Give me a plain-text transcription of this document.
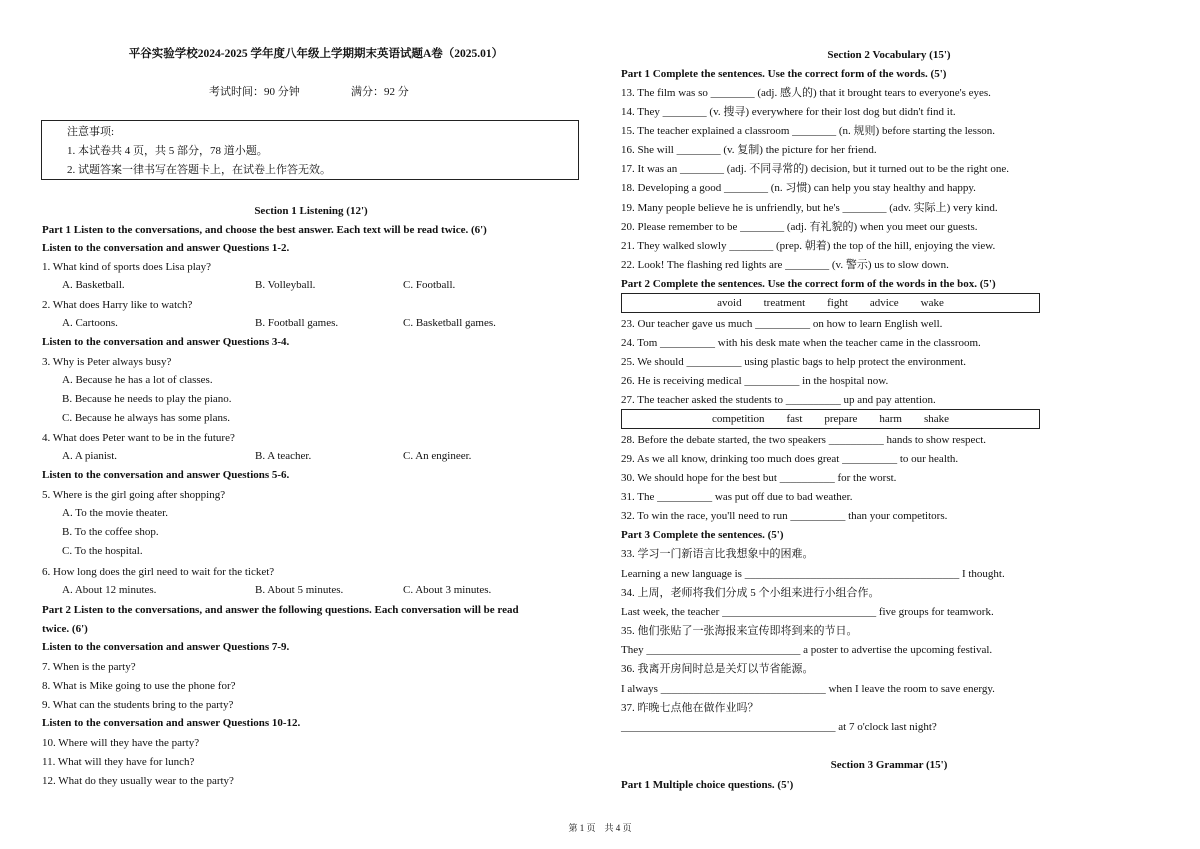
平谷实验学校2024-2025 学年度八年级上学期期末英语试题A卷（2025.01）
考试时间：90 分钟	满分：92 分
注意事项:
1. 本试卷共 4 页，共 5 部分，78 道小题。
2. 试题答案一律书写在答题卡上，在试卷上作答无效。
Section 1 Listening (12')
Part 1 Listen to the conversations, and choose the best answer. Each text will be read twice. (6')
Listen to the conversation and answer Questions 1-2.
1. What kind of sports does Lisa play?
A. Basketball.	B. Volleyball.	C. Football.
2. What does Harry like to watch?
A. Cartoons.	B. Football games.	C. Basketball games.
Listen to the conversation and answer Questions 3-4.
3. Why is Peter always busy?
A. Because he has a lot of classes.
B. Because he needs to play the piano.
C. Because he always has some plans.
4. What does Peter want to be in the future?
A. A pianist.	B. A teacher.	C. An engineer.
Listen to the conversation and answer Questions 5-6.
5. Where is the girl going after shopping?
A. To the movie theater.
B. To the coffee shop.
C. To the hospital.
6. How long does the girl need to wait for the ticket?
A. About 12 minutes.	B. About 5 minutes.	C. About 3 minutes.
Part 2 Listen to the conversations, and answer the following questions. Each conversation will be read
twice. (6')
Listen to the conversation and answer Questions 7-9.
7. When is the party?
8. What is Mike going to use the phone for?
9. What can the students bring to the party?
Listen to the conversation and answer Questions 10-12.
10. Where will they have the party?
11. What will they have for lunch?
12. What do they usually wear to the party?
Section 2 Vocabulary (15')
Part 1 Complete the sentences. Use the correct form of the words. (5')
13. The film was so ________ (adj. 感人的) that it brought tears to everyone's eyes.
14. They ________ (v. 搜寻) everywhere for their lost dog but didn't find it.
15. The teacher explained a classroom ________ (n. 规则) before starting the lesson.
16. She will ________ (v. 复制) the picture for her friend.
17. It was an ________ (adj. 不同寻常的) decision, but it turned out to be the right one.
18. Developing a good ________ (n. 习惯) can help you stay healthy and happy.
19. Many people believe he is unfriendly, but he's ________ (adv. 实际上) very kind.
20. Please remember to be ________ (adj. 有礼貌的) when you meet our guests.
21. They walked slowly ________ (prep. 朝着) the top of the hill, enjoying the view.
22. Look! The flashing red lights are ________ (v. 警示) us to slow down.
Part 2 Complete the sentences. Use the correct form of the words in the box. (5')
avoid treatment fight advice wake
23. Our teacher gave us much __________ on how to learn English well.
24. Tom __________ with his desk mate when the teacher came in the classroom.
25. We should __________ using plastic bags to help protect the environment.
26. He is receiving medical __________ in the hospital now.
27. The teacher asked the students to __________ up and pay attention.
competition fast prepare harm shake
28. Before the debate started, the two speakers __________ hands to show respect.
29. As we all know, drinking too much does great __________ to our health.
30. We should hope for the best but __________ for the worst.
31. The __________ was put off due to bad weather.
32. To win the race, you'll need to run __________ than your competitors.
Part 3 Complete the sentences. (5')
33. 学习一门新语言比我想象中的困难。
Learning a new language is _______________________________________ I thought.
34. 上周，老师将我们分成 5 个小组来进行小组合作。
Last week, the teacher ____________________________ five groups for teamwork.
35. 他们张贴了一张海报来宣传即将到来的节日。
They ____________________________ a poster to advertise the upcoming festival.
36. 我离开房间时总是关灯以节省能源。
I always ______________________________ when I leave the room to save energy.
37. 昨晚七点他在做作业吗？
_______________________________________ at 7 o'clock last night?
Section 3 Grammar (15')
Part 1 Multiple choice questions. (5')
第 1 页　共 4 页
